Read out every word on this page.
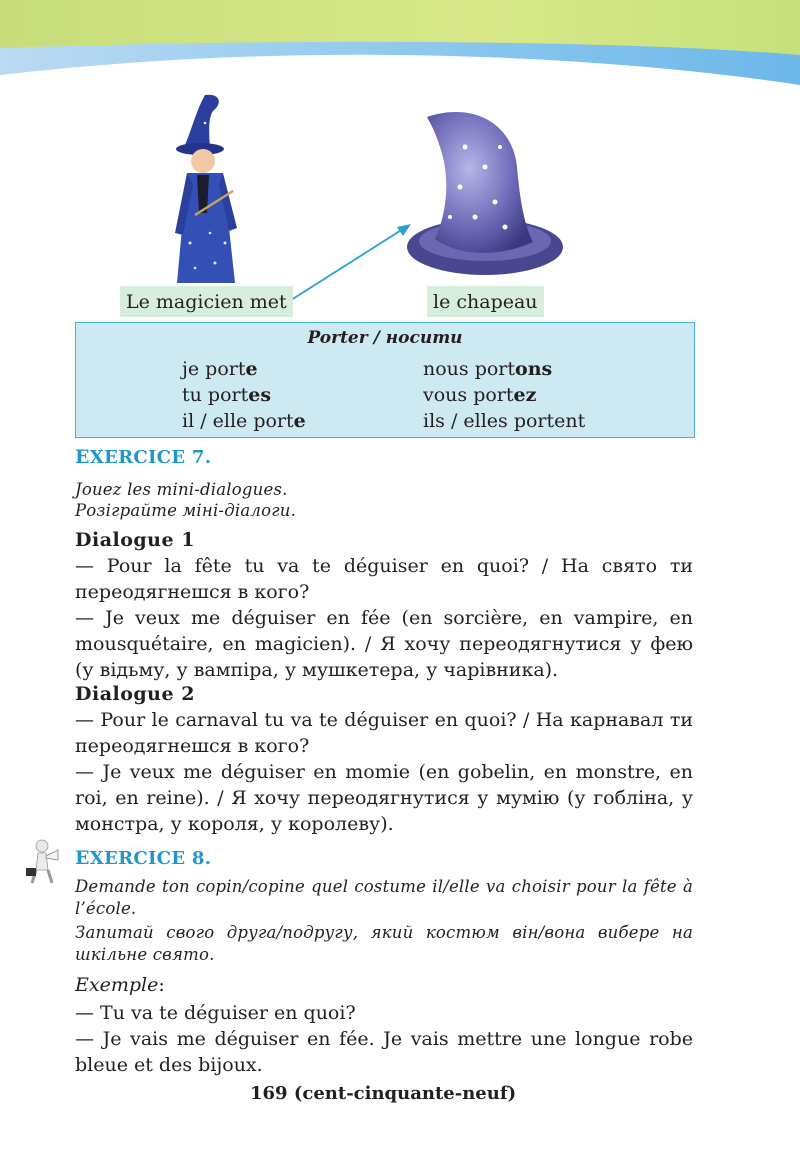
Le magicien met	le chapeau
Porter / носити
je porte	nous portons
tu portes	vous portez
il / elle porte	ils / elles portent
EXERCICE 7.
Jouez les mini-dialogues.
Розіграйте міні-діалоги.
Dialogue 1

— Pour la fête tu va te déguiser en quoi? / На свято ти переодягнешся в кого?

— Je veux me déguiser en fée (en sorcière, en vampire, en mousquétaire, en magicien). / Я хочу переодягнутися у фею (у відьму, у вампіра, у мушкетера, у чарівника).

Dialogue 2

— Pour le carnaval tu va te déguiser en quoi? / На карнавал ти переодягнешся в кого?

— Je veux me déguiser en momie (en gobelin, en monstre, en roi, en reine). / Я хочу переодягнутися у мумію (у гобліна, у монстра, у короля, у королеву).

EXERCICE 8.
Demande ton copin/copine quel costume il/elle va choisir pour la fête à l’école.
Запитай свого друга/подругу, який костюм він/вона вибере на шкільне свято.
Exemple:

— Tu va te déguiser en quoi?

— Je vais me déguiser en fée. Je vais mettre une longue robe bleue et des bijoux.

169 (cent-cinquante-neuf)
